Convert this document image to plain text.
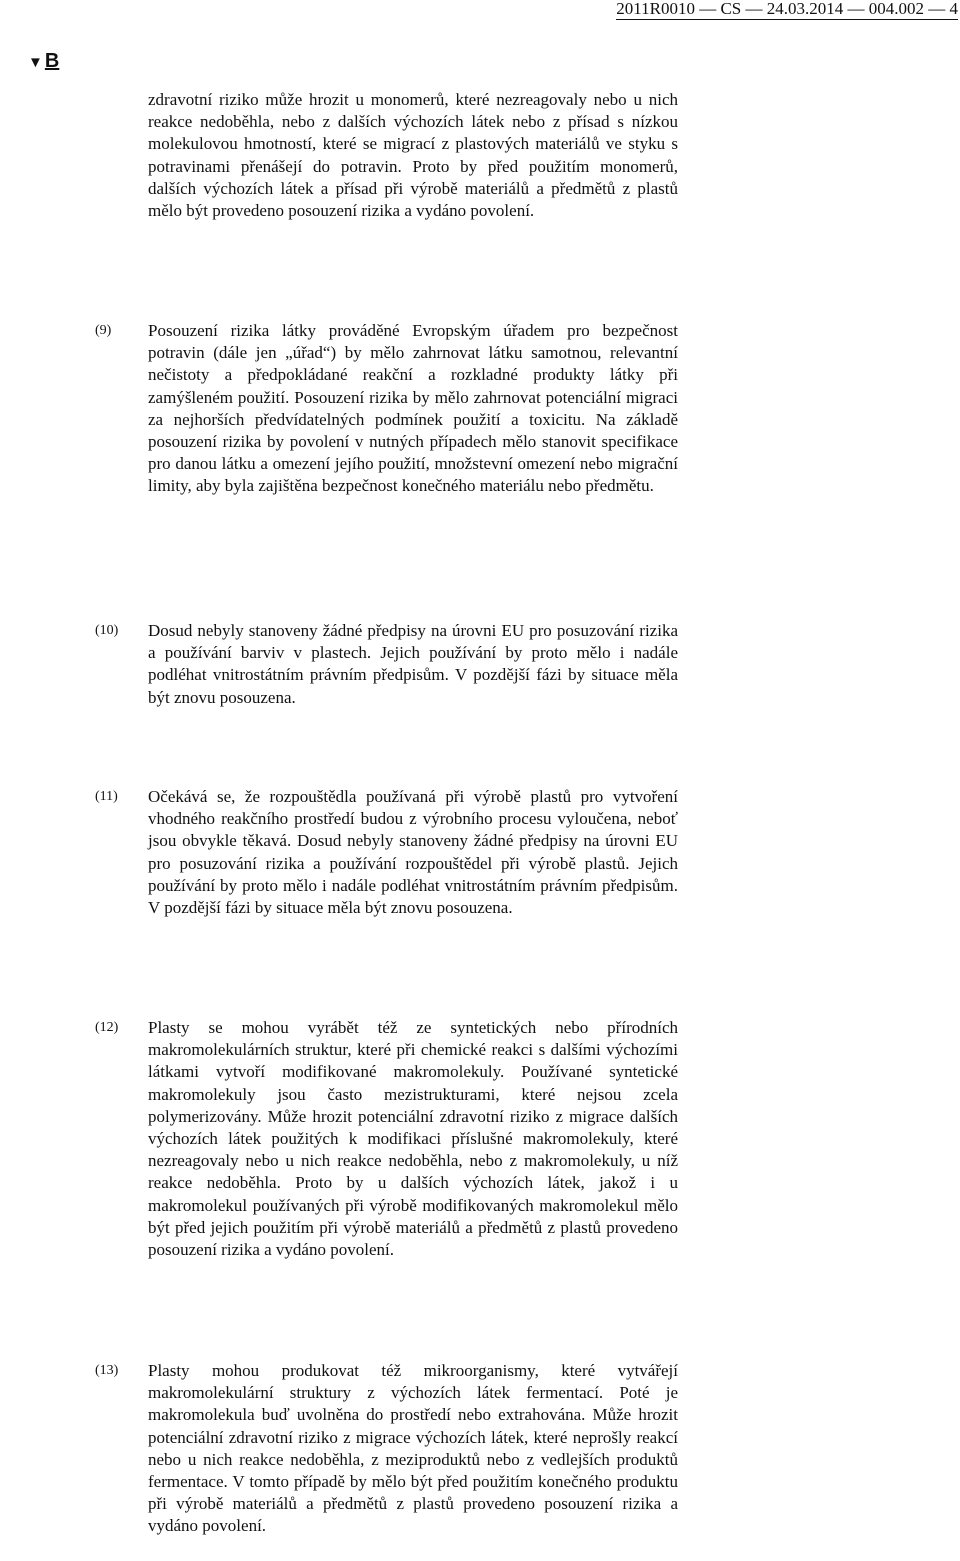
2011R0010 — CS — 24.03.2014 — 004.002 — 4
▼ B
zdravotní riziko může hrozit u monomerů, které nezreagovaly nebo u nich reakce nedoběhla, nebo z dalších výchozích látek nebo z přísad s nízkou molekulovou hmotností, které se migrací z plastových materiálů ve styku s potravinami přenášejí do potravin. Proto by před použitím monomerů, dalších výchozích látek a přísad při výrobě materiálů a předmětů z plastů mělo být provedeno posouzení rizika a vydáno povolení.
(9) Posouzení rizika látky prováděné Evropským úřadem pro bezpečnost potravin (dále jen „úřad“) by mělo zahrnovat látku samotnou, relevantní nečistoty a předpokládané reakční a rozkladné produkty látky při zamýšleném použití. Posouzení rizika by mělo zahrnovat potenciální migraci za nejhorších předvídatelných podmínek použití a toxicitu. Na základě posouzení rizika by povolení v nutných případech mělo stanovit specifikace pro danou látku a omezení jejího použití, množstevní omezení nebo migrační limity, aby byla zajištěna bezpečnost konečného materiálu nebo předmětu.
(10) Dosud nebyly stanoveny žádné předpisy na úrovni EU pro posuzování rizika a používání barviv v plastech. Jejich používání by proto mělo i nadále podléhat vnitrostátním právním předpisům. V pozdější fázi by situace měla být znovu posouzena.
(11) Očekává se, že rozpouštědla používaná při výrobě plastů pro vytvoření vhodného reakčního prostředí budou z výrobního procesu vyloučena, neboť jsou obvykle těkavá. Dosud nebyly stanoveny žádné předpisy na úrovni EU pro posuzování rizika a používání rozpouštědel při výrobě plastů. Jejich používání by proto mělo i nadále podléhat vnitrostátním právním předpisům. V pozdější fázi by situace měla být znovu posouzena.
(12) Plasty se mohou vyrábět též ze syntetických nebo přírodních makromolekulárních struktur, které při chemické reakci s dalšími výchozími látkami vytvoří modifikované makromolekuly. Používané syntetické makromolekuly jsou často mezistrukturami, které nejsou zcela polymerizovány. Může hrozit potenciální zdravotní riziko z migrace dalších výchozích látek použitých k modifikaci příslušné makromolekuly, které nezreagovaly nebo u nich reakce nedoběhla, nebo z makromolekuly, u níž reakce nedoběhla. Proto by u dalších výchozích látek, jakož i u makromolekul používaných při výrobě modifikovaných makromolekul mělo být před jejich použitím při výrobě materiálů a předmětů z plastů provedeno posouzení rizika a vydáno povolení.
(13) Plasty mohou produkovat též mikroorganismy, které vytvářejí makromolekulární struktury z výchozích látek fermentací. Poté je makromolekula buď uvolněna do prostředí nebo extrahována. Může hrozit potenciální zdravotní riziko z migrace výchozích látek, které neprošly reakcí nebo u nich reakce nedoběhla, z meziproduktů nebo z vedlejších produktů fermentace. V tomto případě by mělo být před použitím konečného produktu při výrobě materiálů a předmětů z plastů provedeno posouzení rizika a vydáno povolení.
